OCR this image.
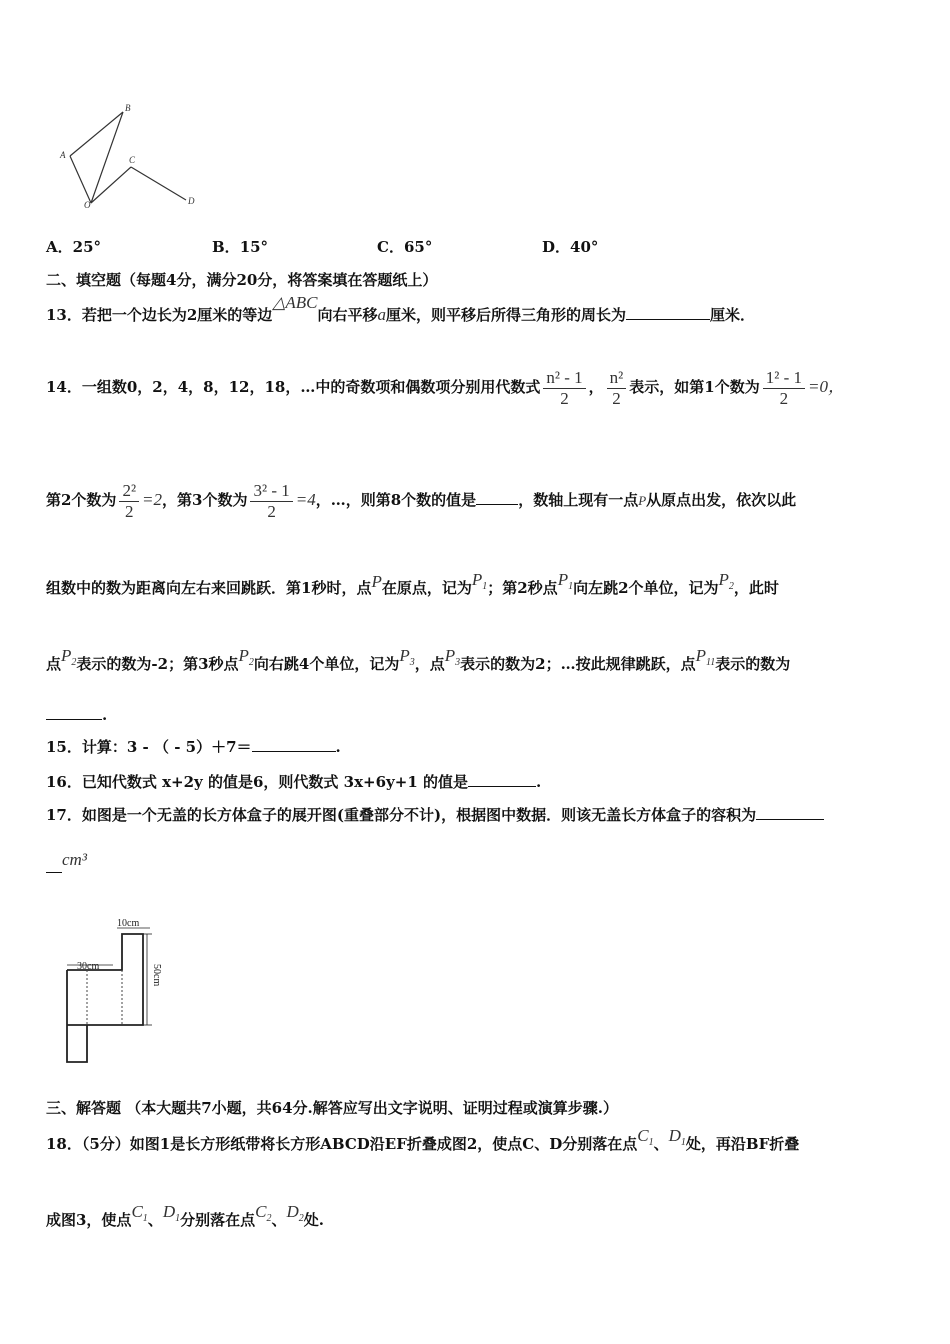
A
B
C
O	D
A．25°	B．15°	C．65°	D．40°
二、填空题（每题4分，满分20分，将答案填在答题纸上）
13．若把一个边长为2厘米的等边△ABC向右平移a厘米，则平移后所得三角形的周长为	厘米．
14．一组数0，2，4，8，12，18，…中的奇数项和偶数项分别用代数式 $\frac{\text{n² - 1}}{2}$ ， $\frac{\text{n²}}{2}$ 表示，如第1个数为 $\frac{\text{1² - 1}}{2} =0$，
第2个数为 $\frac{\text{2²}}{2} =2$，第3个数为 $\frac{\text{3² - 1}}{2} =4$，…，则第8个数的值是	，数轴上现有一点P从原点出发，依次以此
组数中的数为距离向左右来回跳跃．第1秒时，点P在原点，记为$P_1$；第2秒点$P_1$向左跳2个单位，记为$P_2$，此时
点$P_2$表示的数为-2；第3秒点$P_2$向右跳4个单位，记为$P_3$，点$P_3$表示的数为2；…按此规律跳跃，点$P_{11}$表示的数为
.
15．计算：3 - （ - 5）＋7＝	.
16．已知代数式 x+2y 的值是6，则代数式 3x+6y+1 的值是	.
17．如图是一个无盖的长方体盒子的展开图(重叠部分不计)，根据图中数据．则该无盖长方体盒子的容积为
cm³
10cm
30cm	50cm
三、解答题 （本大题共7小题，共64分.解答应写出文字说明、证明过程或演算步骤.）
18．（5分）如图1是长方形纸带将长方形ABCD沿EF折叠成图2，使点C、D分别落在点$C_1$、$D_1$处，再沿BF折叠
成图3，使点$C_1$、$D_1$分别落在点$C_2$、$D_2$处.
